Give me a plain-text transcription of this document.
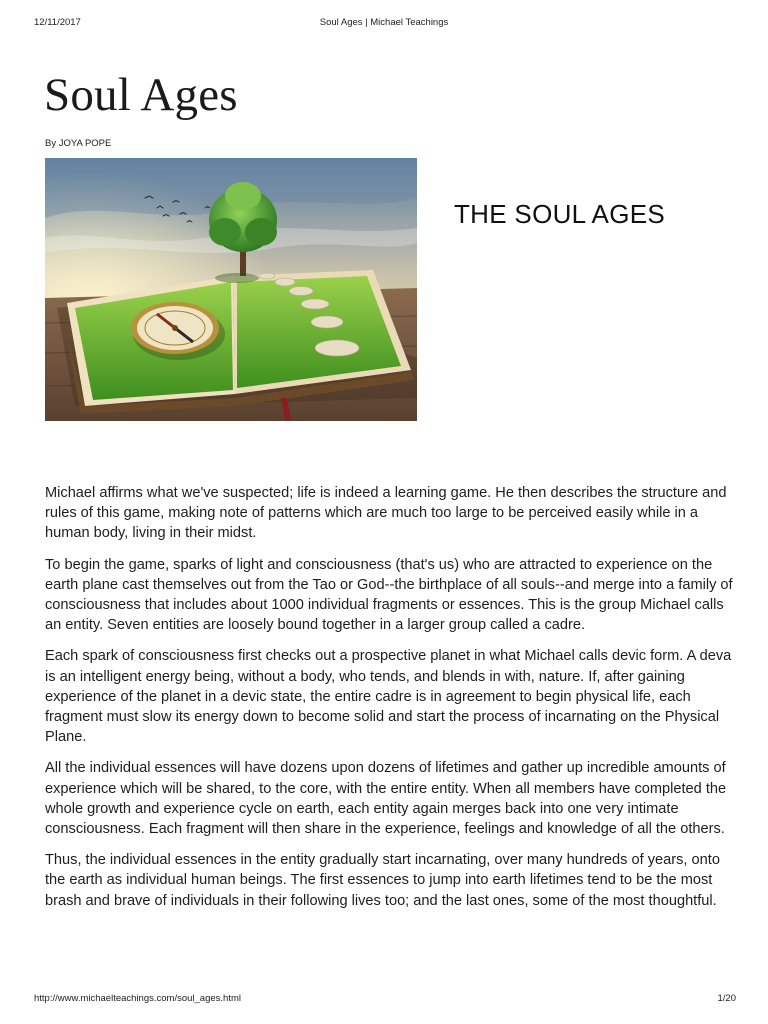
12/11/2017	Soul Ages | Michael Teachings
Soul Ages
By JOYA POPE
THE SOUL AGES

Michael affirms what we've suspected; life is indeed a learning game. He then describes the structure and rules of this game, making note of patterns which are much too large to be perceived easily while in a human body, living in their midst.

To begin the game, sparks of light and consciousness (that's us) who are attracted to experience on the earth plane cast themselves out from the Tao or God--the birthplace of all souls--and merge into a family of consciousness that includes about 1000 individual fragments or essences. This is the group Michael calls an entity. Seven entities are loosely bound together in a larger group called a cadre.

Each spark of consciousness first checks out a prospective planet in what Michael calls devic form. A deva is an intelligent energy being, without a body, who tends, and blends in with, nature. If, after gaining experience of the planet in a devic state, the entire cadre is in agreement to begin physical life, each fragment must slow its energy down to become solid and start the process of incarnating on the Physical Plane.

All the individual essences will have dozens upon dozens of lifetimes and gather up incredible amounts of experience which will be shared, to the core, with the entire entity. When all members have completed the whole growth and experience cycle on earth, each entity again merges back into one very intimate consciousness. Each fragment will then share in the experience, feelings and knowledge of all the others.

Thus, the individual essences in the entity gradually start incarnating, over many hundreds of years, onto the earth as individual human beings. The first essences to jump into earth lifetimes tend to be the most brash and brave of individuals in their following lives too; and the last ones, some of the most thoughtful.

http://www.michaelteachings.com/soul_ages.html	1/20
